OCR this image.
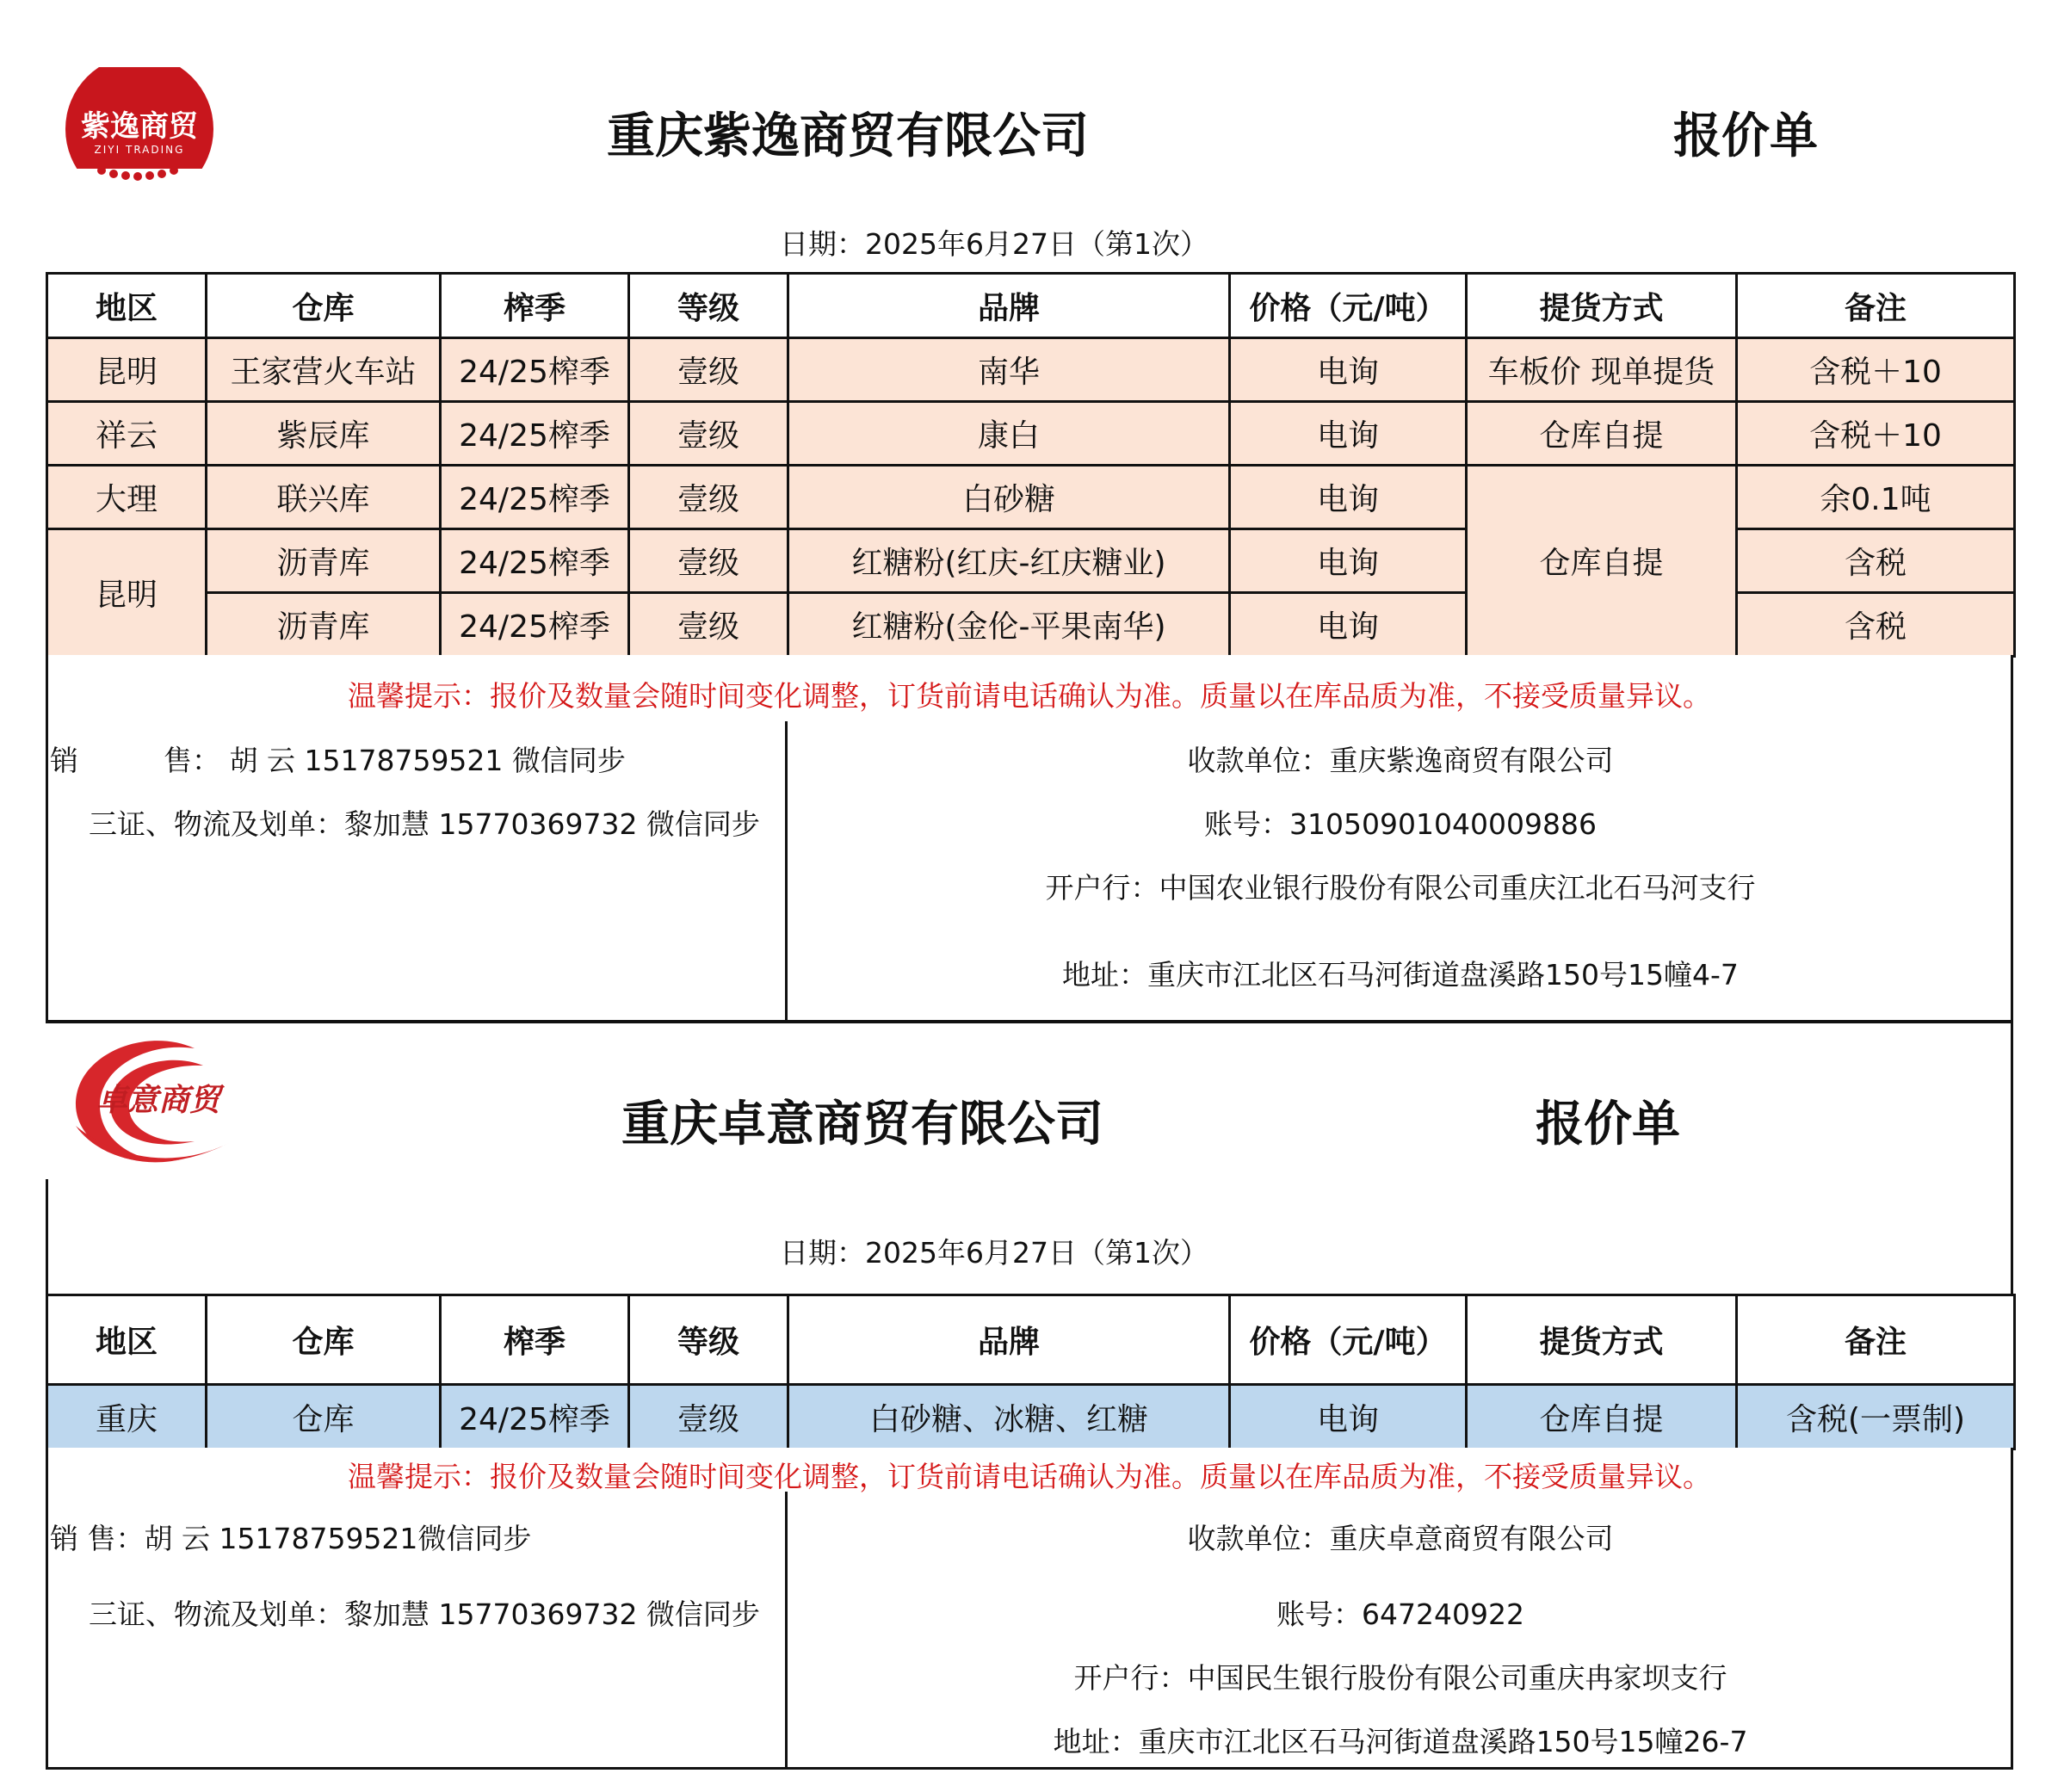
紫逸商贸
ZIYI TRADING	重庆紫逸商贸有限公司	报价单
日期：2025年6月27日（第1次）
地区	仓库	榨季	等级	品牌	价格（元/吨）	提货方式	备注
昆明	王家营火车站	24/25榨季	壹级	南华	电询	车板价 现单提货	含税＋10
祥云	紫辰库	24/25榨季	壹级	康白	电询	仓库自提	含税＋10
大理	联兴库	24/25榨季	壹级	白砂糖	电询	仓库自提	余0.1吨
昆明	沥青库	24/25榨季	壹级	红糖粉(红庆-红庆糖业)	电询		含税
	沥青库	24/25榨季	壹级	红糖粉(金伦-平果南华)	电询		含税
温馨提示：报价及数量会随时间变化调整，订货前请电话确认为准。质量以在库品质为准，不接受质量异议。
销　　　售： 胡 云 15178759521 微信同步
三证、物流及划单：黎加慧 15770369732 微信同步
收款单位：重庆紫逸商贸有限公司
账号：31050901040009886
开户行：中国农业银行股份有限公司重庆江北石马河支行
地址：重庆市江北区石马河街道盘溪路150号15幢4-7
卓意商贸	重庆卓意商贸有限公司	报价单
日期：2025年6月27日（第1次）
地区	仓库	榨季	等级	品牌	价格（元/吨）	提货方式	备注
重庆	仓库	24/25榨季	壹级	白砂糖、冰糖、红糖	电询	仓库自提	含税(一票制)
温馨提示：报价及数量会随时间变化调整，订货前请电话确认为准。质量以在库品质为准，不接受质量异议。
销 售：胡 云 15178759521微信同步
三证、物流及划单：黎加慧 15770369732 微信同步
收款单位：重庆卓意商贸有限公司
账号：647240922
开户行：中国民生银行股份有限公司重庆冉家坝支行
地址：重庆市江北区石马河街道盘溪路150号15幢26-7
